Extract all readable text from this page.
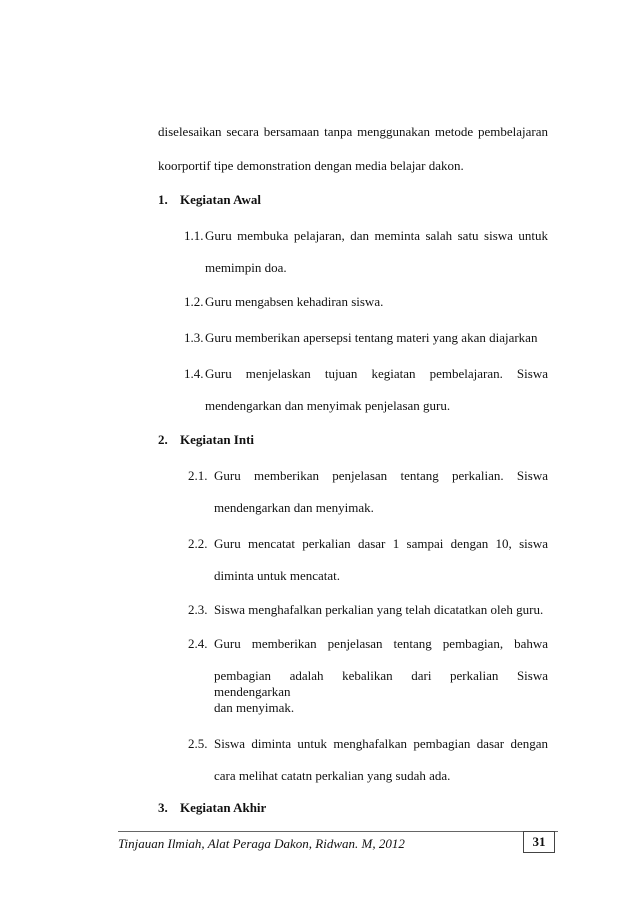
diselesaikan secara bersamaan tanpa menggunakan metode pembelajaran
koorportif tipe demonstration dengan media belajar dakon.
1. Kegiatan Awal
1.1. Guru membuka pelajaran, dan meminta salah satu siswa untuk
memimpin doa.
1.2. Guru mengabsen kehadiran siswa.
1.3. Guru memberikan apersepsi tentang materi yang akan diajarkan
1.4. Guru menjelaskan tujuan kegiatan pembelajaran. Siswa
mendengarkan dan menyimak penjelasan guru.
2. Kegiatan Inti
2.1. Guru memberikan penjelasan tentang perkalian. Siswa
mendengarkan dan menyimak.
2.2. Guru mencatat perkalian dasar 1 sampai dengan 10, siswa
diminta untuk mencatat.
2.3. Siswa menghafalkan perkalian yang telah dicatatkan oleh guru.
2.4. Guru memberikan penjelasan tentang pembagian, bahwa
pembagian adalah kebalikan dari perkalian Siswa mendengarkan
dan menyimak.
2.5. Siswa diminta untuk menghafalkan pembagian dasar dengan
cara melihat catatn perkalian yang sudah ada.
3. Kegiatan Akhir
Tinjauan Ilmiah, Alat Peraga Dakon, Ridwan. M, 2012	31
